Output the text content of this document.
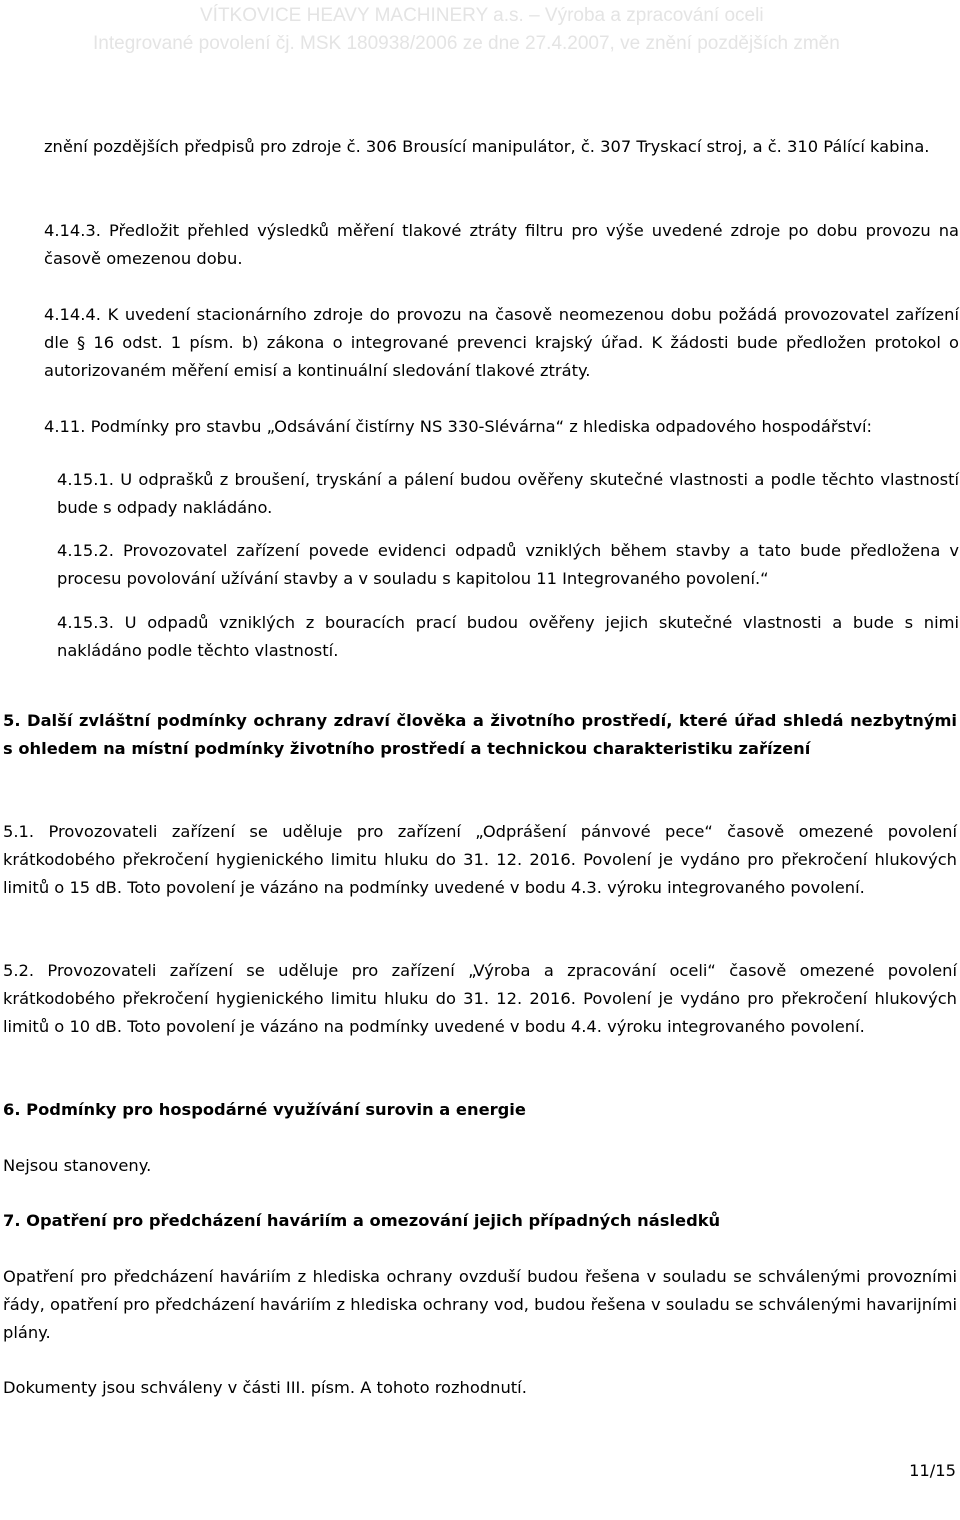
VÍTKOVICE HEAVY MACHINERY a.s. – Výroba a zpracování oceli
Integrované povolení čj. MSK 180938/2006 ze dne 27.4.2007, ve znění pozdějších změn
znění pozdějších předpisů pro zdroje č. 306 Brousící manipulátor, č. 307 Tryskací stroj, a č. 310 Pálící kabina.
4.14.3. Předložit přehled výsledků měření tlakové ztráty filtru pro výše uvedené zdroje po dobu provozu na časově omezenou dobu.
4.14.4. K uvedení stacionárního zdroje do provozu na časově neomezenou dobu požádá provozovatel zařízení dle § 16 odst. 1 písm. b) zákona o integrované prevenci krajský úřad. K žádosti bude předložen protokol o autorizovaném měření emisí a kontinuální sledování tlakové ztráty.
4.11. Podmínky pro stavbu „Odsávání čistírny NS 330-Slévárna“ z hlediska odpadového hospodářství:
4.15.1. U odprašků z broušení, tryskání a pálení budou ověřeny skutečné vlastnosti a podle těchto vlastností bude s odpady nakládáno.
4.15.2. Provozovatel zařízení povede evidenci odpadů vzniklých během stavby a tato bude předložena v procesu povolování užívání stavby a v souladu s kapitolou 11 Integrovaného povolení.“
4.15.3. U odpadů vzniklých z bouracích prací budou ověřeny jejich skutečné vlastnosti a bude s nimi nakládáno podle těchto vlastností.
5. Další zvláštní podmínky ochrany zdraví člověka a životního prostředí, které úřad shledá nezbytnými s ohledem na místní podmínky životního prostředí a technickou charakteristiku zařízení
5.1. Provozovateli zařízení se uděluje pro zařízení „Odprášení pánvové pece“ časově omezené povolení krátkodobého překročení hygienického limitu hluku do 31. 12. 2016. Povolení je vydáno pro překročení hlukových limitů o 15 dB. Toto povolení je vázáno na podmínky uvedené v bodu 4.3. výroku integrovaného povolení.
5.2. Provozovateli zařízení se uděluje pro zařízení „Výroba a zpracování oceli“ časově omezené povolení krátkodobého překročení hygienického limitu hluku do 31. 12. 2016. Povolení je vydáno pro překročení hlukových limitů o 10 dB. Toto povolení je vázáno na podmínky uvedené v bodu 4.4. výroku integrovaného povolení.
6. Podmínky pro hospodárné využívání surovin a energie
Nejsou stanoveny.
7. Opatření pro předcházení haváriím a omezování jejich případných následků
Opatření pro předcházení haváriím z hlediska ochrany ovzduší budou řešena v souladu se schválenými provozními řády, opatření pro předcházení haváriím z hlediska ochrany vod, budou řešena v souladu se schválenými havarijními plány.
Dokumenty jsou schváleny v části III. písm. A tohoto rozhodnutí.
11/15
